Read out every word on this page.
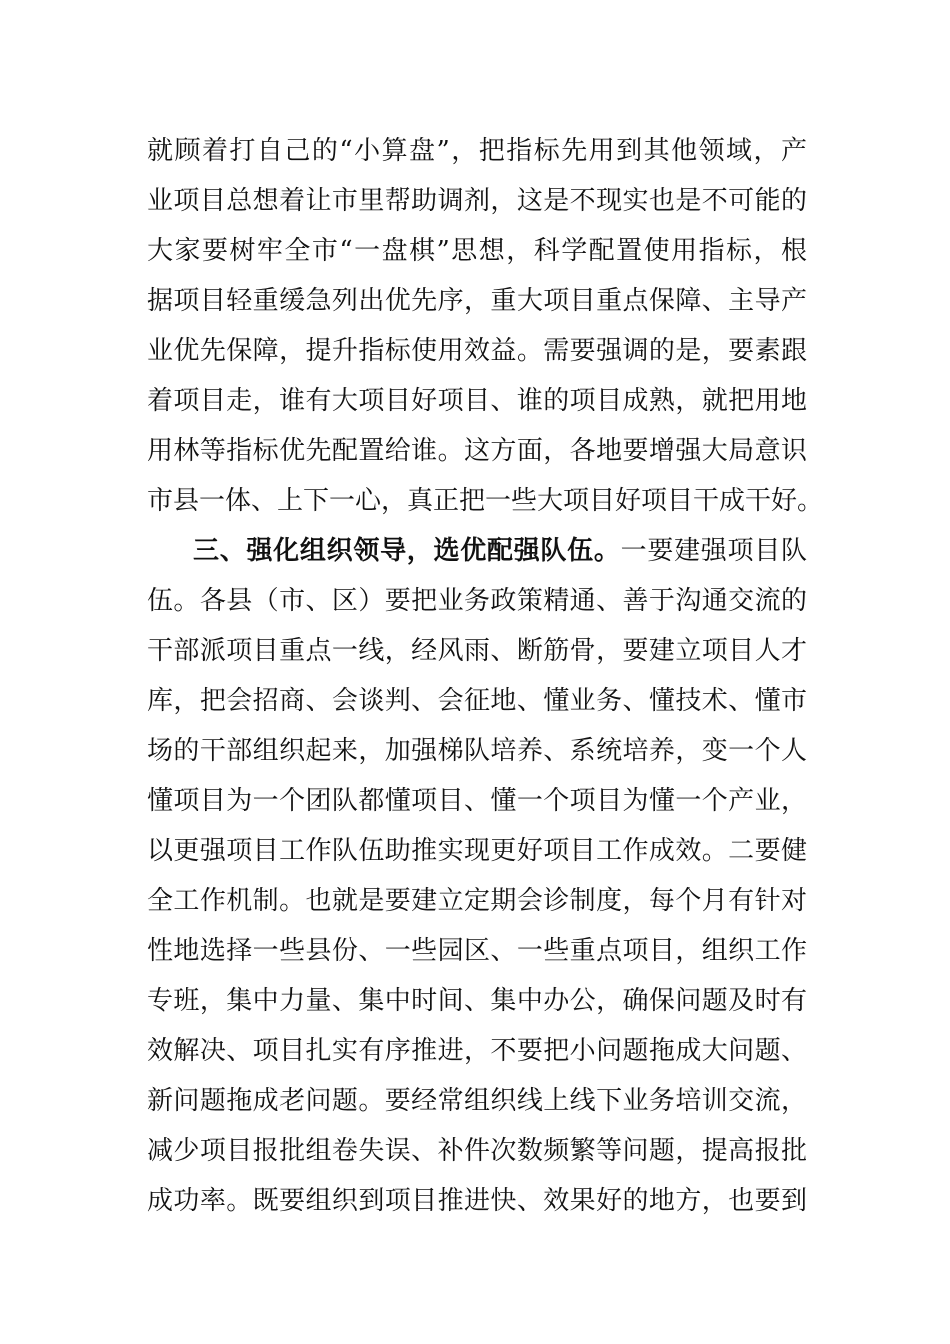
就顾着打自己的“小算盘”，把指标先用到其他领域，产
业项目总想着让市里帮助调剂，这是不现实也是不可能的
大家要树牢全市“一盘棋”思想，科学配置使用指标，根
据项目轻重缓急列出优先序，重大项目重点保障、主导产
业优先保障，提升指标使用效益。需要强调的是，要素跟
着项目走，谁有大项目好项目、谁的项目成熟，就把用地
用林等指标优先配置给谁。这方面，各地要增强大局意识
市县一体、上下一心，真正把一些大项目好项目干成干好。
三、强化组织领导，选优配强队伍。一要建强项目队
伍。各县（市、区）要把业务政策精通、善于沟通交流的
干部派项目重点一线，经风雨、断筋骨，要建立项目人才
库，把会招商、会谈判、会征地、懂业务、懂技术、懂市
场的干部组织起来，加强梯队培养、系统培养，变一个人
懂项目为一个团队都懂项目、懂一个项目为懂一个产业，
以更强项目工作队伍助推实现更好项目工作成效。二要健
全工作机制。也就是要建立定期会诊制度，每个月有针对
性地选择一些县份、一些园区、一些重点项目，组织工作
专班，集中力量、集中时间、集中办公，确保问题及时有
效解决、项目扎实有序推进，不要把小问题拖成大问题、
新问题拖成老问题。要经常组织线上线下业务培训交流，
减少项目报批组卷失误、补件次数频繁等问题，提高报批
成功率。既要组织到项目推进快、效果好的地方，也要到
